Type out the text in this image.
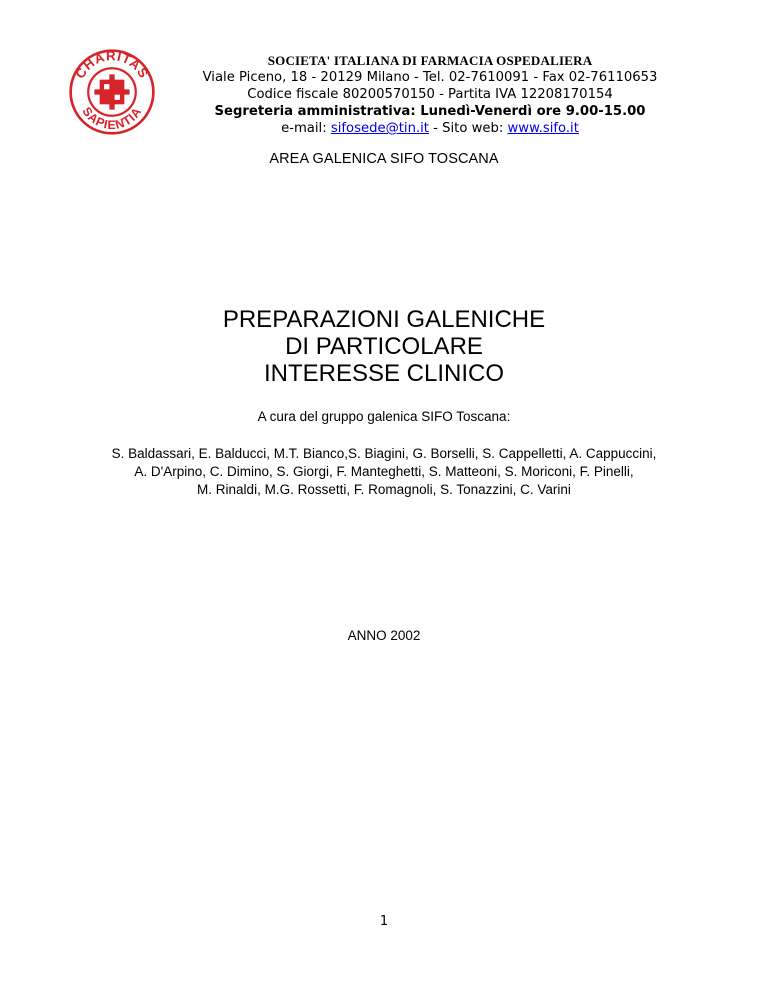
CHARITAS
SAPIENTIA
SOCIETA' ITALIANA DI FARMACIA OSPEDALIERA
Viale Piceno, 18 - 20129 Milano - Tel. 02-7610091 - Fax 02-76110653
Codice fiscale 80200570150 - Partita IVA 12208170154
Segreteria amministrativa: Lunedì-Venerdì ore 9.00-15.00
e-mail: sifosede@tin.it - Sito web: www.sifo.it
AREA GALENICA SIFO TOSCANA
PREPARAZIONI GALENICHE
DI PARTICOLARE
INTERESSE CLINICO
A cura del gruppo galenica SIFO Toscana:
S. Baldassari, E. Balducci, M.T. Bianco,S. Biagini, G. Borselli, S. Cappelletti, A. Cappuccini,
A. D'Arpino, C. Dimino, S. Giorgi, F. Manteghetti, S. Matteoni, S. Moriconi, F. Pinelli,
M. Rinaldi, M.G. Rossetti, F. Romagnoli, S. Tonazzini, C. Varini
ANNO 2002
1
